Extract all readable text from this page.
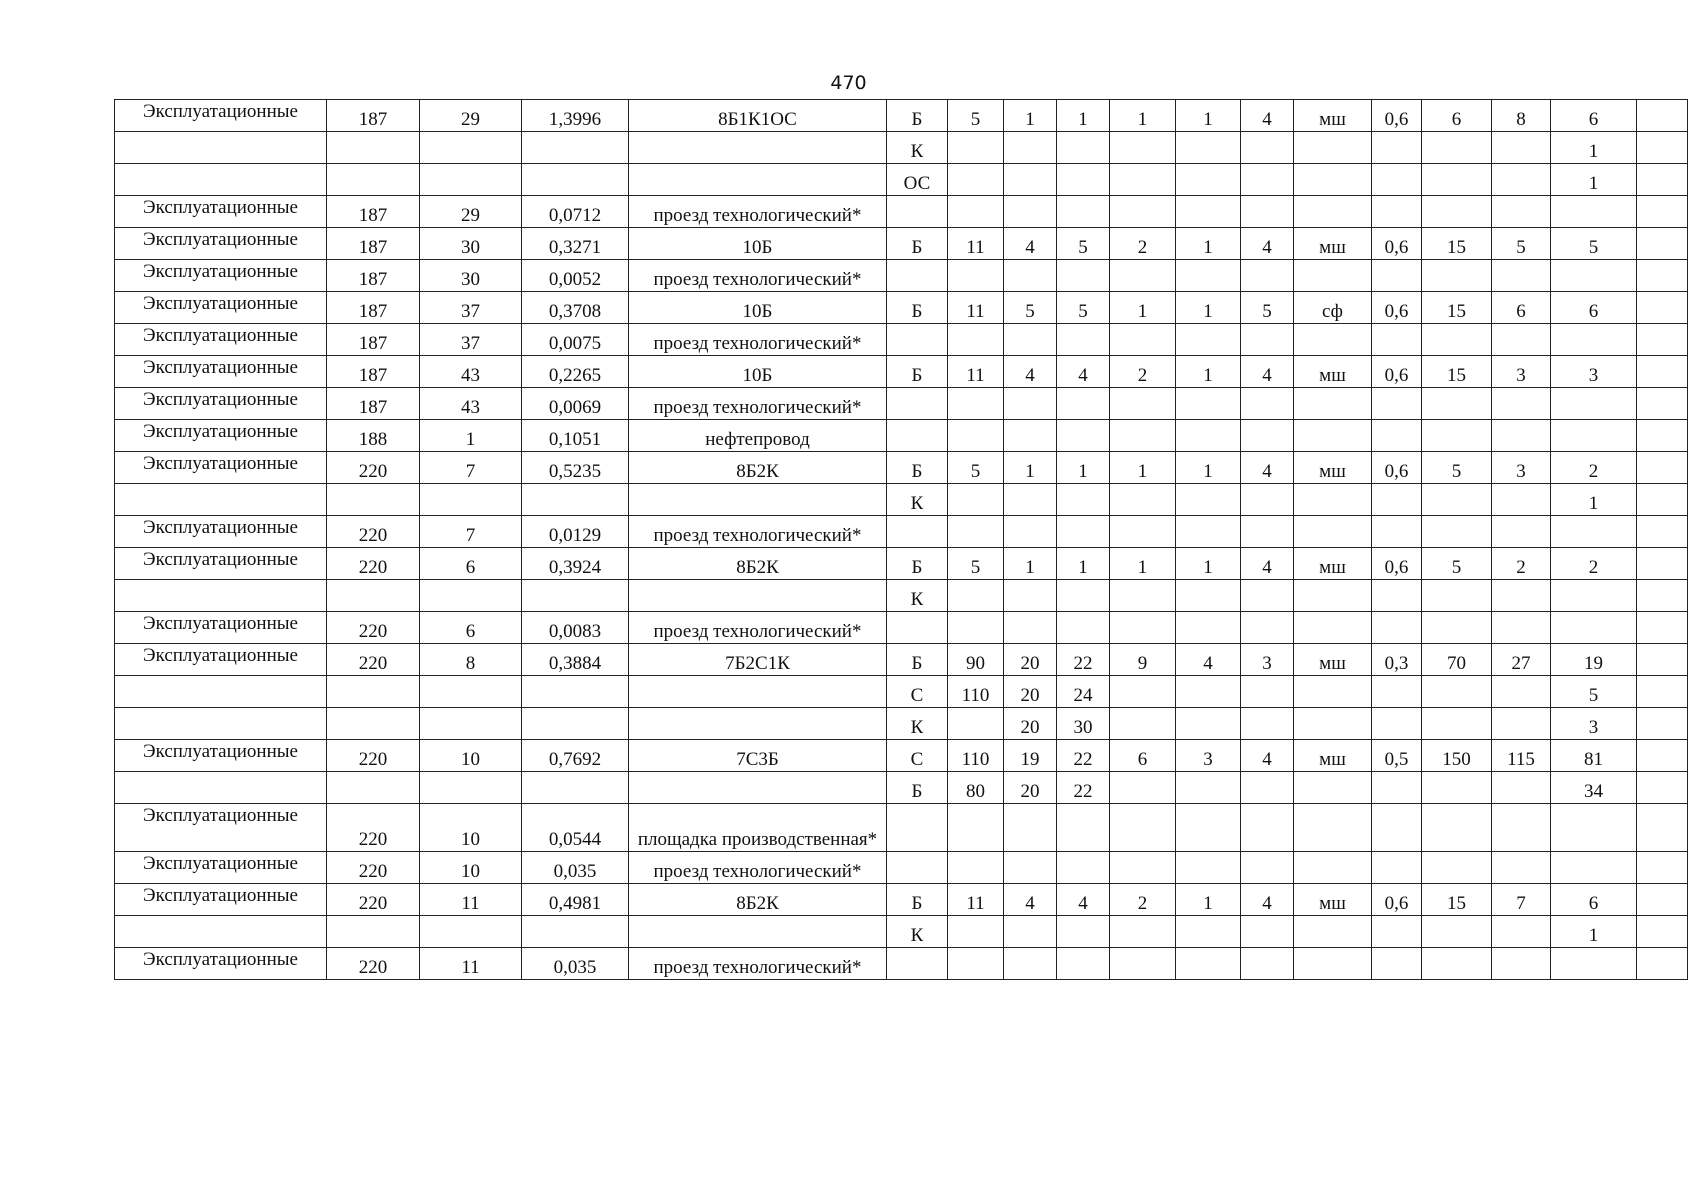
470
Эксплуатационные	187	29	1,3996	8Б1К1ОС	Б	5	1	1	1	1	4	мш	0,6	6	8	6	
					К											1	
					ОС											1	
Эксплуатационные	187	29	0,0712	проезд технологический*													
Эксплуатационные	187	30	0,3271	10Б	Б	11	4	5	2	1	4	мш	0,6	15	5	5	
Эксплуатационные	187	30	0,0052	проезд технологический*													
Эксплуатационные	187	37	0,3708	10Б	Б	11	5	5	1	1	5	сф	0,6	15	6	6	
Эксплуатационные	187	37	0,0075	проезд технологический*													
Эксплуатационные	187	43	0,2265	10Б	Б	11	4	4	2	1	4	мш	0,6	15	3	3	
Эксплуатационные	187	43	0,0069	проезд технологический*													
Эксплуатационные	188	1	0,1051	нефтепровод													
Эксплуатационные	220	7	0,5235	8Б2К	Б	5	1	1	1	1	4	мш	0,6	5	3	2	
					К											1	
Эксплуатационные	220	7	0,0129	проезд технологический*													
Эксплуатационные	220	6	0,3924	8Б2К	Б	5	1	1	1	1	4	мш	0,6	5	2	2	
					К												
Эксплуатационные	220	6	0,0083	проезд технологический*													
Эксплуатационные	220	8	0,3884	7Б2С1К	Б	90	20	22	9	4	3	мш	0,3	70	27	19	
					С	110	20	24								5	
					К		20	30								3	
Эксплуатационные	220	10	0,7692	7С3Б	С	110	19	22	6	3	4	мш	0,5	150	115	81	
					Б	80	20	22								34	
Эксплуатационные	220	10	0,0544	площадка производственная*													
Эксплуатационные	220	10	0,035	проезд технологический*													
Эксплуатационные	220	11	0,4981	8Б2К	Б	11	4	4	2	1	4	мш	0,6	15	7	6	
					К											1	
Эксплуатационные	220	11	0,035	проезд технологический*													
